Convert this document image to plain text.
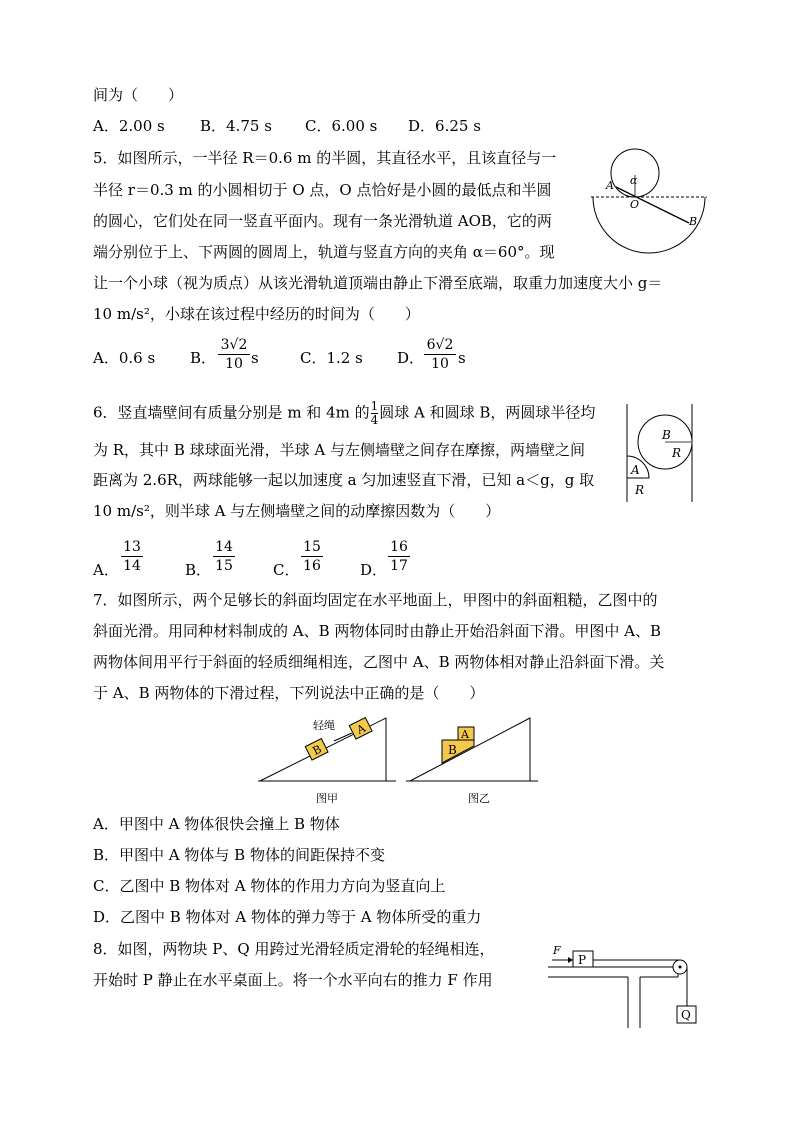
间为（　　）
A．2.00 s B．4.75 s C．6.00 s D．6.25 s
5．如图所示，一半径 R＝0.6 m 的半圆，其直径水平，且该直径与一
半径 r＝0.3 m 的小圆相切于 O 点，O 点恰好是小圆的最低点和半圆
的圆心，它们处在同一竖直平面内。现有一条光滑轨道 AOB，它的两
端分别位于上、下两圆的圆周上，轨道与竖直方向的夹角 α＝60°。现
让一个小球（视为质点）从该光滑轨道顶端由静止下滑至底端，取重力加速度大小 g＝
10 m/s²，小球在该过程中经历的时间为（　　）
α
A
O
B
A．0.6 s B． $\frac{3√2}{10}$ s	C．1.2 s D． $\frac{6√2}{10}$ s
6．竖直墙壁间有质量分别是 m 和 4m 的 $\frac{1}{4}$ 圆球 A 和圆球 B，两圆球半径均
为 R，其中 B 球球面光滑，半球 A 与左侧墙壁之间存在摩擦，两墙壁之间
距离为 2.6R，两球能够一起以加速度 a 匀加速竖直下滑，已知 a＜g，g 取
10 m/s²，则半球 A 与左侧墙壁之间的动摩擦因数为（　　）
B
R
A
R
A． $\frac{13}{14}$	B． $\frac{14}{15}$	C． $\frac{15}{16}$ D． $\frac{16}{17}$
7．如图所示，两个足够长的斜面均固定在水平地面上，甲图中的斜面粗糙，乙图中的
斜面光滑。用同种材料制成的 A、B 两物体同时由静止开始沿斜面下滑。甲图中 A、B
两物体间用平行于斜面的轻质细绳相连，乙图中 A、B 两物体相对静止沿斜面下滑。关
于 A、B 两物体的下滑过程，下列说法中正确的是（　　）
轻绳
B
A
B
A
图甲	图乙
A．甲图中 A 物体很快会撞上 B 物体
B．甲图中 A 物体与 B 物体的间距保持不变
C．乙图中 B 物体对 A 物体的作用力方向为竖直向上
D．乙图中 B 物体对 A 物体的弹力等于 A 物体所受的重力
8．如图，两物块 P、Q 用跨过光滑轻质定滑轮的轻绳相连，
开始时 P 静止在水平桌面上。将一个水平向右的推力 F 作用
F
P
Q
